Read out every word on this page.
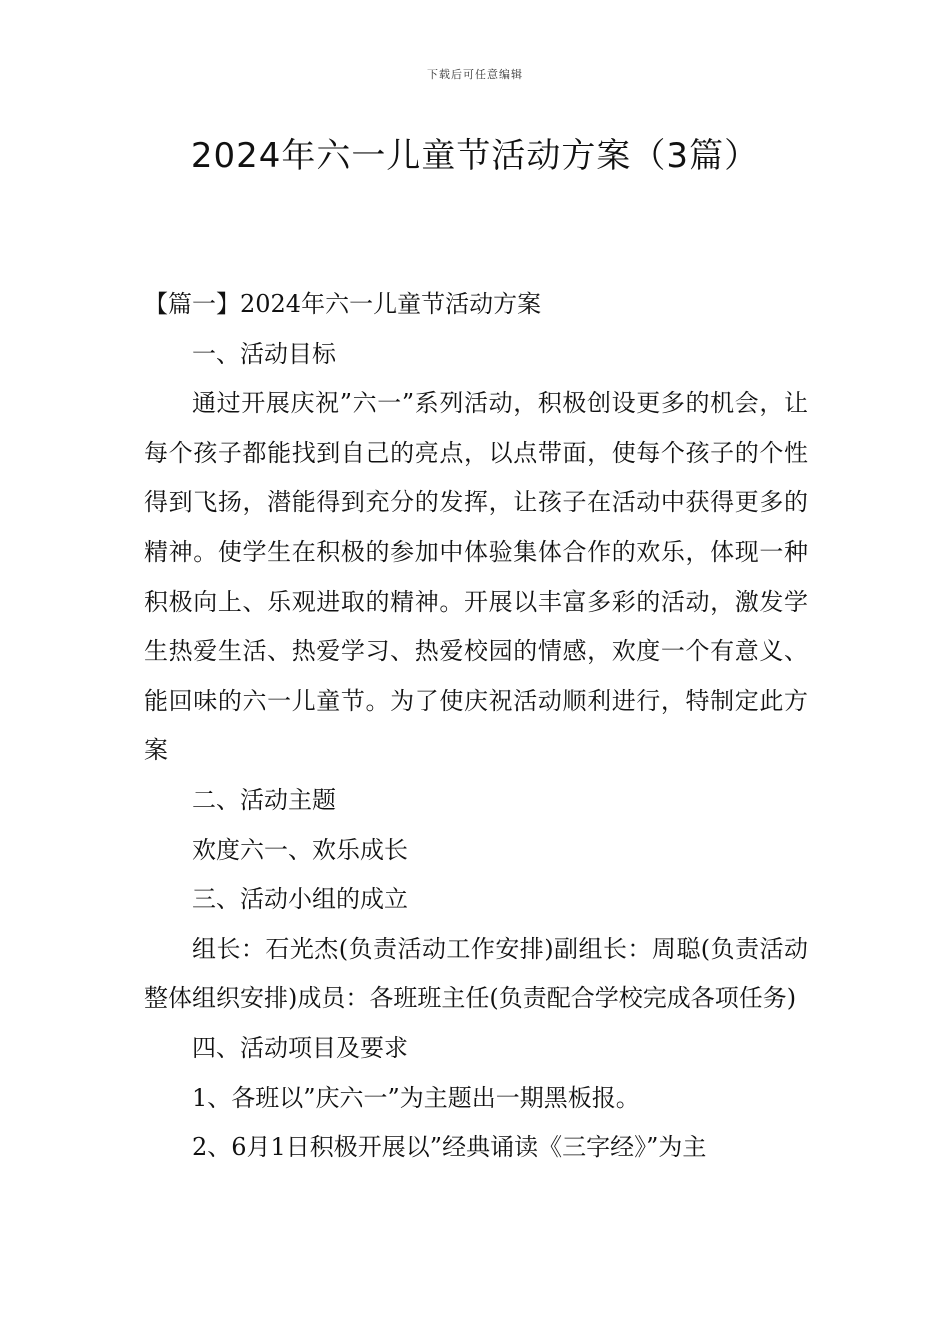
下载后可任意编辑
2024年六一儿童节活动方案（3篇）

【篇一】2024年六一儿童节活动方案

一、活动目标

通过开展庆祝”六一”系列活动，积极创设更多的机会，让每个孩子都能找到自己的亮点，以点带面，使每个孩子的个性得到飞扬，潜能得到充分的发挥，让孩子在活动中获得更多的精神。使学生在积极的参加中体验集体合作的欢乐，体现一种积极向上、乐观进取的精神。开展以丰富多彩的活动，激发学生热爱生活、热爱学习、热爱校园的情感，欢度一个有意义、能回味的六一儿童节。为了使庆祝活动顺利进行，特制定此方案

二、活动主题

欢度六一、欢乐成长

三、活动小组的成立

组长：石光杰(负责活动工作安排)副组长：周聪(负责活动整体组织安排)成员：各班班主任(负责配合学校完成各项任务)

四、活动项目及要求

1、各班以”庆六一”为主题出一期黑板报。

2、6月1日积极开展以”经典诵读《三字经》”为主
